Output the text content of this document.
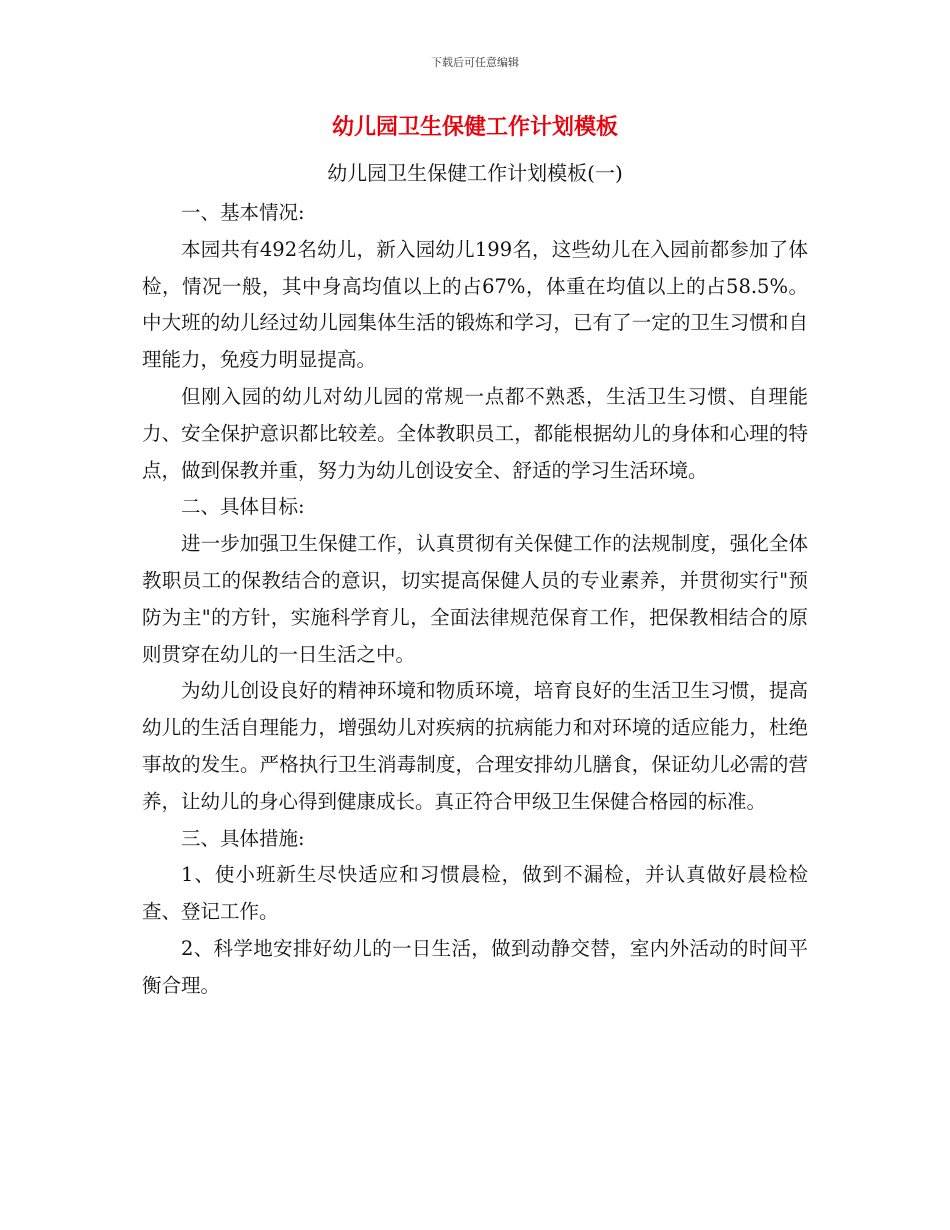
下载后可任意编辑
幼儿园卫生保健工作计划模板
幼儿园卫生保健工作计划模板(一)

一、基本情况:

本园共有492名幼儿，新入园幼儿199名，这些幼儿在入园前都参加了体检，情况一般，其中身高均值以上的占67%，体重在均值以上的占58.5%。中大班的幼儿经过幼儿园集体生活的锻炼和学习，已有了一定的卫生习惯和自理能力，免疫力明显提高。

但刚入园的幼儿对幼儿园的常规一点都不熟悉，生活卫生习惯、自理能力、安全保护意识都比较差。全体教职员工，都能根据幼儿的身体和心理的特点，做到保教并重，努力为幼儿创设安全、舒适的学习生活环境。

二、具体目标:

进一步加强卫生保健工作，认真贯彻有关保健工作的法规制度，强化全体教职员工的保教结合的意识，切实提高保健人员的专业素养，并贯彻实行"预防为主"的方针，实施科学育儿，全面法律规范保育工作，把保教相结合的原则贯穿在幼儿的一日生活之中。

为幼儿创设良好的精神环境和物质环境，培育良好的生活卫生习惯，提高幼儿的生活自理能力，增强幼儿对疾病的抗病能力和对环境的适应能力，杜绝事故的发生。严格执行卫生消毒制度，合理安排幼儿膳食，保证幼儿必需的营养，让幼儿的身心得到健康成长。真正符合甲级卫生保健合格园的标准。

三、具体措施:

1、使小班新生尽快适应和习惯晨检，做到不漏检，并认真做好晨检检查、登记工作。

2、科学地安排好幼儿的一日生活，做到动静交替，室内外活动的时间平衡合理。
